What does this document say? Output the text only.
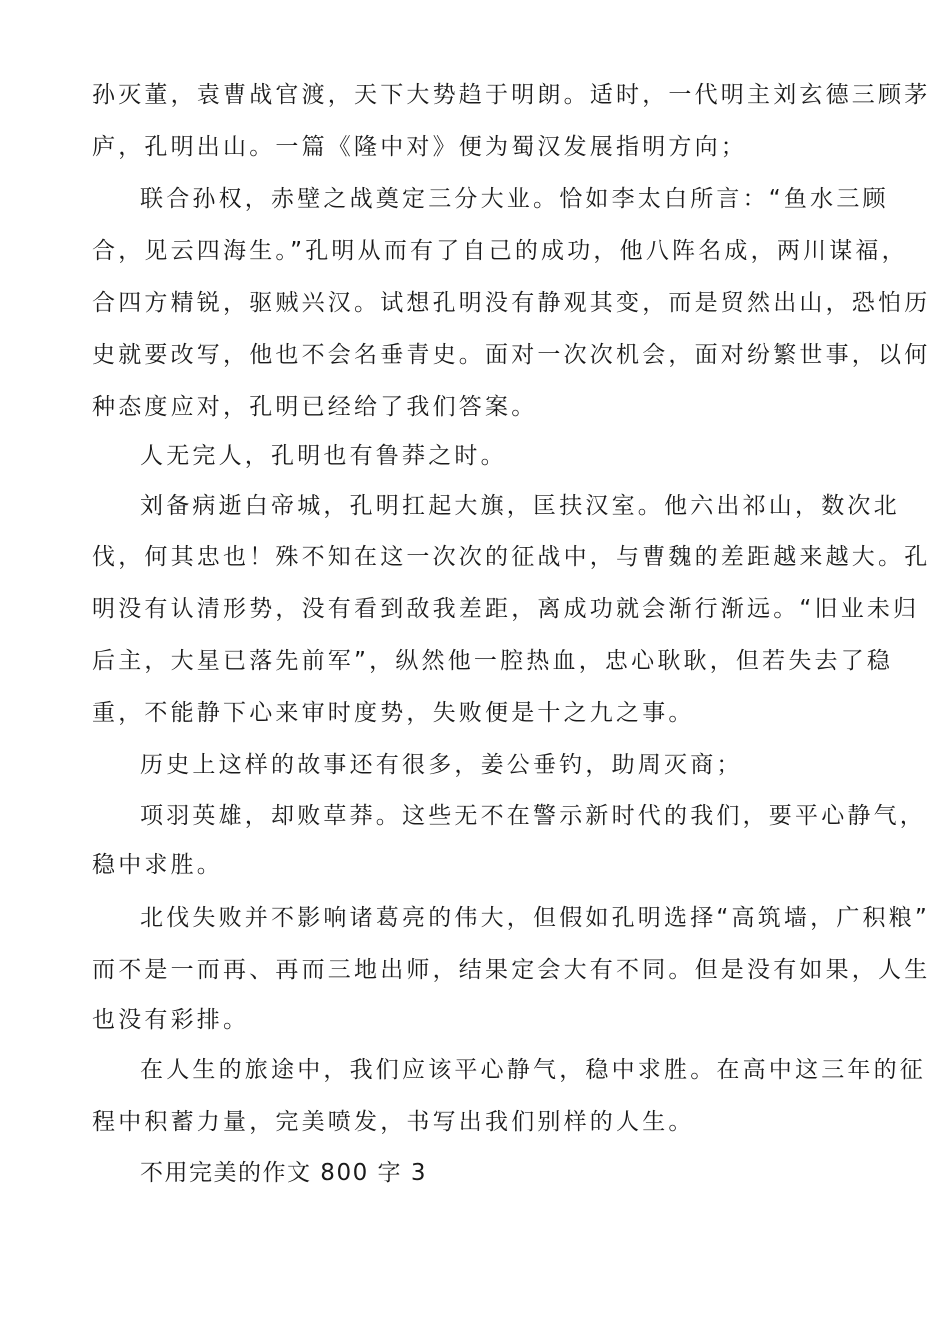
孙灭董，袁曹战官渡，天下大势趋于明朗。适时，一代明主刘玄德三顾茅
庐，孔明出山。一篇《隆中对》便为蜀汉发展指明方向；
联合孙权，赤壁之战奠定三分大业。恰如李太白所言：“鱼水三顾
合，见云四海生。”孔明从而有了自己的成功，他八阵名成，两川谋福，
合四方精锐，驱贼兴汉。试想孔明没有静观其变，而是贸然出山，恐怕历
史就要改写，他也不会名垂青史。面对一次次机会，面对纷繁世事，以何
种态度应对，孔明已经给了我们答案。
人无完人，孔明也有鲁莽之时。
刘备病逝白帝城，孔明扛起大旗，匡扶汉室。他六出祁山，数次北
伐，何其忠也！殊不知在这一次次的征战中，与曹魏的差距越来越大。孔
明没有认清形势，没有看到敌我差距，离成功就会渐行渐远。“旧业未归
后主，大星已落先前军”，纵然他一腔热血，忠心耿耿，但若失去了稳
重，不能静下心来审时度势，失败便是十之九之事。
历史上这样的故事还有很多，姜公垂钓，助周灭商；
项羽英雄，却败草莽。这些无不在警示新时代的我们，要平心静气，
稳中求胜。
北伐失败并不影响诸葛亮的伟大，但假如孔明选择“高筑墙，广积粮”
而不是一而再、再而三地出师，结果定会大有不同。但是没有如果，人生
也没有彩排。
在人生的旅途中，我们应该平心静气，稳中求胜。在高中这三年的征
程中积蓄力量，完美喷发，书写出我们别样的人生。
不用完美的作文 800 字 3
